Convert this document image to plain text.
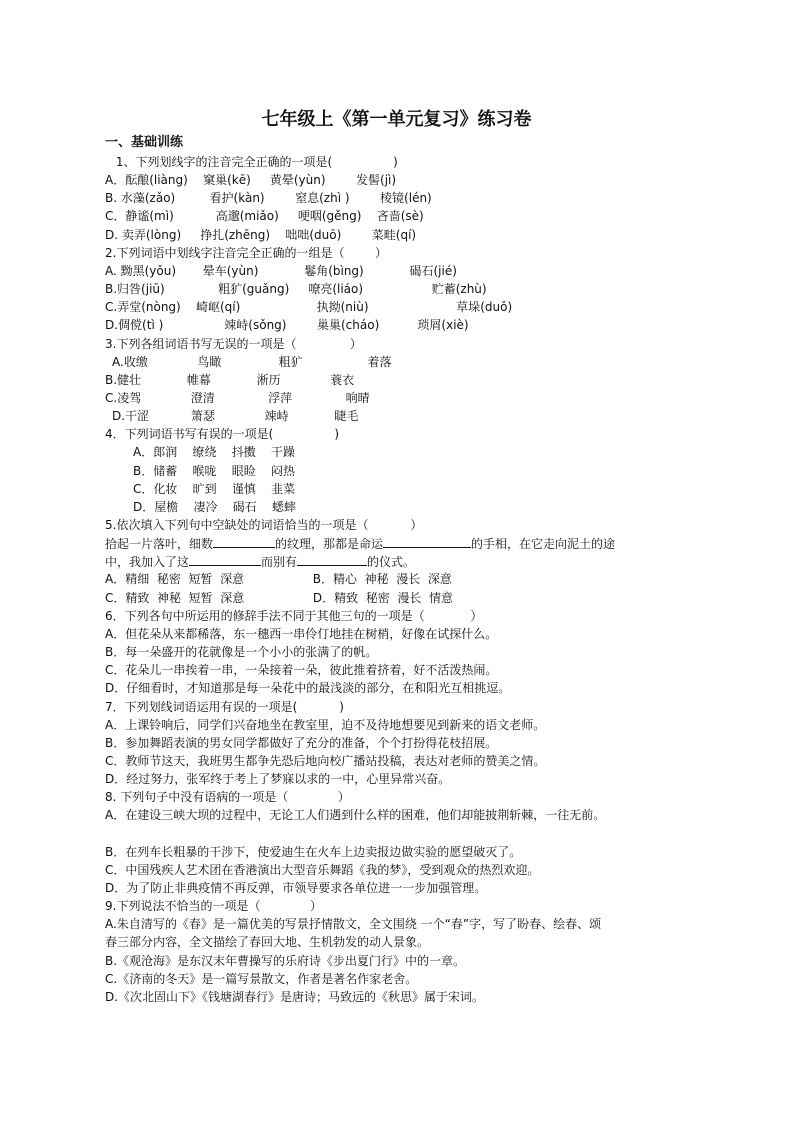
七年级上《第一单元复习》练习卷
一、基础训练
1、下列划线字的注音完全正确的一项是(                )
A．酝酿(liàng)    窠巢(kē)     黄晕(yùn)        发髻(jì)
B. 水藻(zǎo)         看护(kàn)        窒息(zhì )        棱镜(lén)
C．静谧(mì)           高邈(miǎo)     哽咽(gěng)    吝啬(sè)
D. 卖弄(lòng)     挣扎(zhēng)    咄咄(duō)        菜畦(qí)
2.下列词语中划线字注音完全正确的一组是（        ）
A. 黝黑(yǒu)       晕车(yùn)            鬈角(bìng)            碣石(jié)
B.归咎(jiū)              粗犷(guǎng)     嘹亮(liáo)                  贮蓄(zhù)
C.弄堂(nòng)    崎岖(qí)                    执拗(niù)                       草垛(duǒ)
D.倜傥(tì )                竦峙(sǒng)        巢巢(cháo)          琐屑(xiè)
3.下列各组词语书写无误的一项是（              ）
A.收缴             鸟瞰               粗犷                 着落
B.健壮            帷幕            淅历             蓑衣
C.凌驾             澄清              浮萍              响晴
D.干涩           箫瑟             竦峙            睫毛
4．下列词语书写有误的一项是(                )
A．郎润    缭绕    抖擞    干躁
B．储蓄    喉咙    眼睑    闷热
C．化妆    旷到    谨慎    韭菜
D．屋檐    凄冷    碣石    蟋蟀
5.依次填入下列句中空缺处的词语恰当的一项是（           ）
拾起一片落叶，细数	的纹理，那都是命运	的手相，在它走向泥土的途
中，我加入了这	而别有	的仪式。
A．精细  秘密  短暂  深意                  B．精心  神秘  漫长  深意
C．精致  神秘  短暂  深意                  D．精致  秘密  漫长  情意
6．下列各句中所运用的修辞手法不同于其他三句的一项是（            ）
A．但花朵从来都稀落，东一穗西一串伶仃地挂在树梢，好像在试探什么。
B．每一朵盛开的花就像是一个小小的张满了的帆。
C．花朵儿一串挨着一串，一朵接着一朵，彼此推着挤着，好不活泼热闹。
D．仔细看时，才知道那是每一朵花中的最浅淡的部分，在和阳光互相挑逗。
7．下列划线词语运用有误的一项是(           )
A．上课铃响后，同学们兴奋地坐在教室里，迫不及待地想要见到新来的语文老师。
B．参加舞蹈表演的男女同学都做好了充分的准备，个个打扮得花枝招展。
C．教师节这天，我班男生都争先恐后地向校广播站投稿，表达对老师的赞美之情。
D．经过努力，张军终于考上了梦寐以求的一中，心里异常兴奋。
8. 下列句子中没有语病的一项是（             ）
A．在建设三峡大坝的过程中，无论工人们遇到什么样的困难，他们却能披荆斩棘，一往无前。
B．在列车长粗暴的干涉下，使爱迪生在火车上边卖报边做实验的愿望破灭了。
C．中国残疾人艺术团在香港演出大型音乐舞蹈《我的梦》，受到观众的热烈欢迎。
D．为了防止非典疫情不再反弹，市领导要求各单位进一一步加强管理。
9.下列说法不恰当的一项是（             ）
A.朱自清写的《春》是一篇优美的写景抒情散文，全文围绕 一个“春”字，写了盼春、绘春、颂
春三部分内容，全文描绘了春回大地、生机勃发的动人景象。
B.《观沧海》是东汉末年曹操写的乐府诗《步出夏门行》中的一章。
C.《济南的冬天》是一篇写景散文，作者是著名作家老舍。
D.《次北固山下》《钱塘湖春行》是唐诗；马致远的《秋思》属于宋词。
